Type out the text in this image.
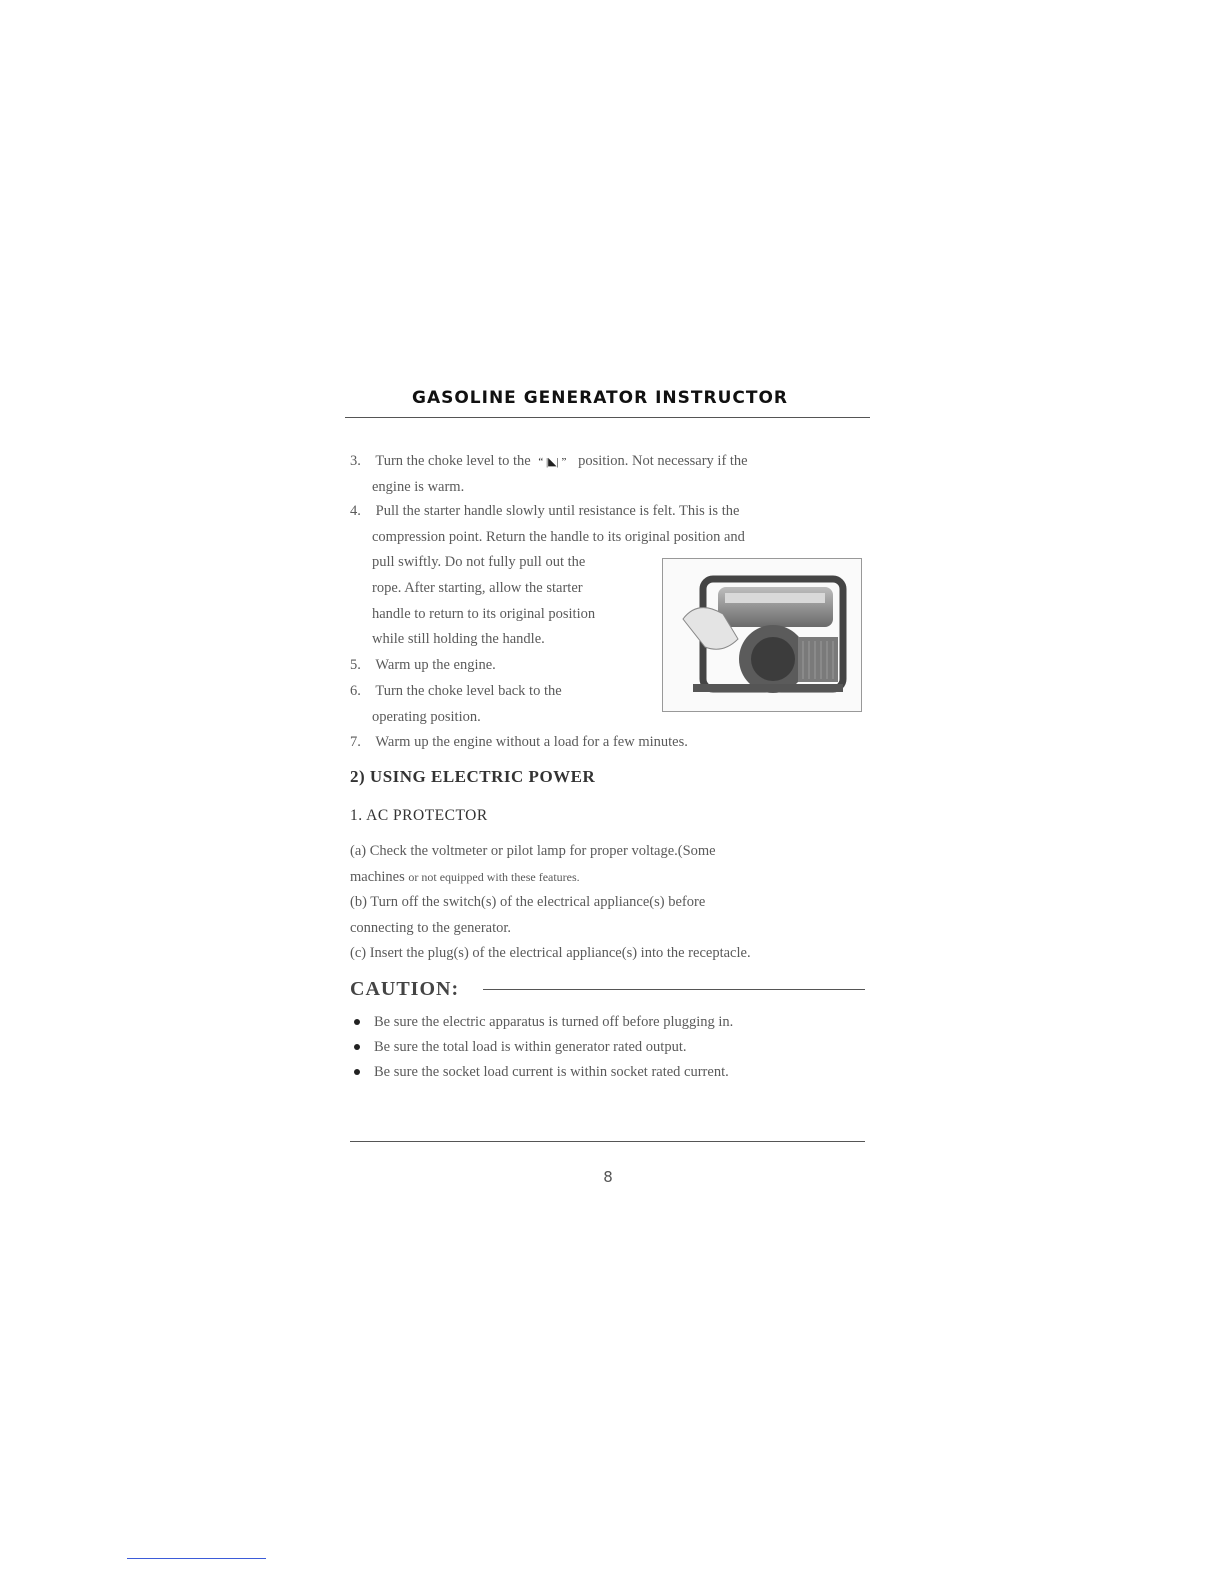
GASOLINE GENERATOR INSTRUCTOR
3. Turn the choke level to the “ |◣| ” position. Not necessary if the
engine is warm.
4. Pull the starter handle slowly until resistance is felt. This is the
compression point. Return the handle to its original position and
pull swiftly. Do not fully pull out the
rope. After starting, allow the starter
handle to return to its original position
while still holding the handle.
5. Warm up the engine.
6. Turn the choke level back to the
operating position.
7. Warm up the engine without a load for a few minutes.
2) USING ELECTRIC POWER
1. AC PROTECTOR
(a) Check the voltmeter or pilot lamp for proper voltage.(Some
machines or not equipped with these features.
(b) Turn off the switch(s) of the electrical appliance(s) before
connecting to the generator.
(c) Insert the plug(s) of the electrical appliance(s) into the receptacle.
CAUTION:
Be sure the electric apparatus is turned off before plugging in.
Be sure the total load is within generator rated output.
Be sure the socket load current is within socket rated current.
8
